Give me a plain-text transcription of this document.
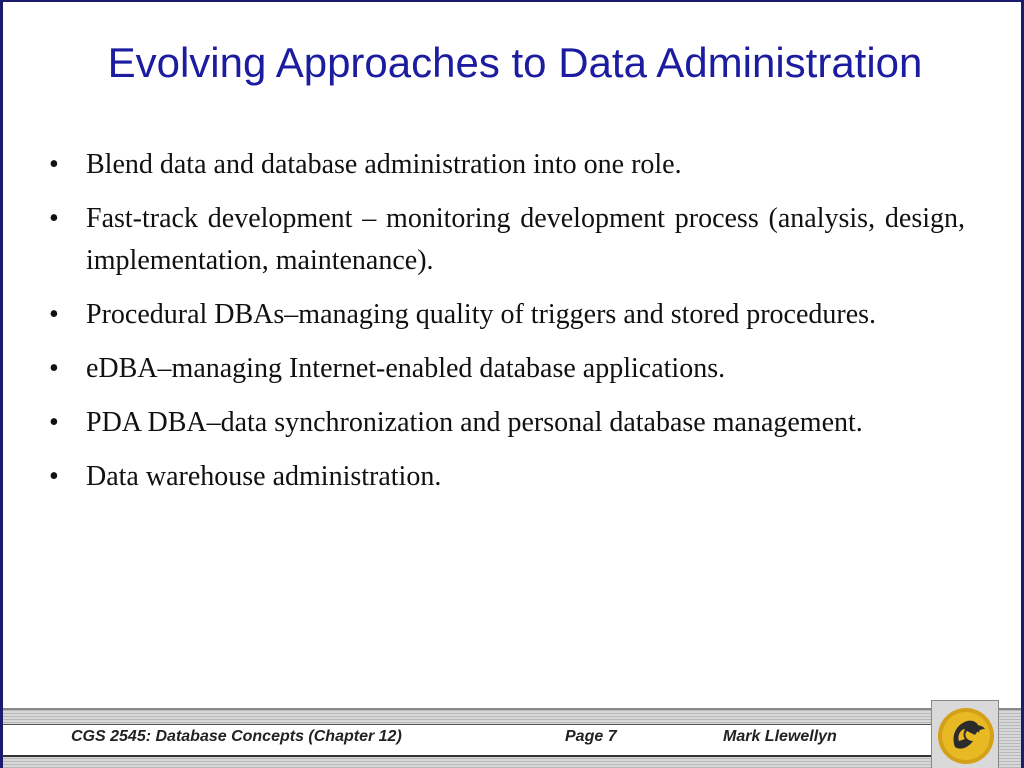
Evolving Approaches to Data Administration
• Blend data and database administration into one role.
• Fast-track development – monitoring development process (analysis, design, implementation, maintenance).
• Procedural DBAs–managing quality of triggers and stored procedures.
• eDBA–managing Internet-enabled database applications.
• PDA DBA–data synchronization and personal database management.
• Data warehouse administration.
CGS 2545: Database Concepts (Chapter 12)	Page 7	Mark Llewellyn
